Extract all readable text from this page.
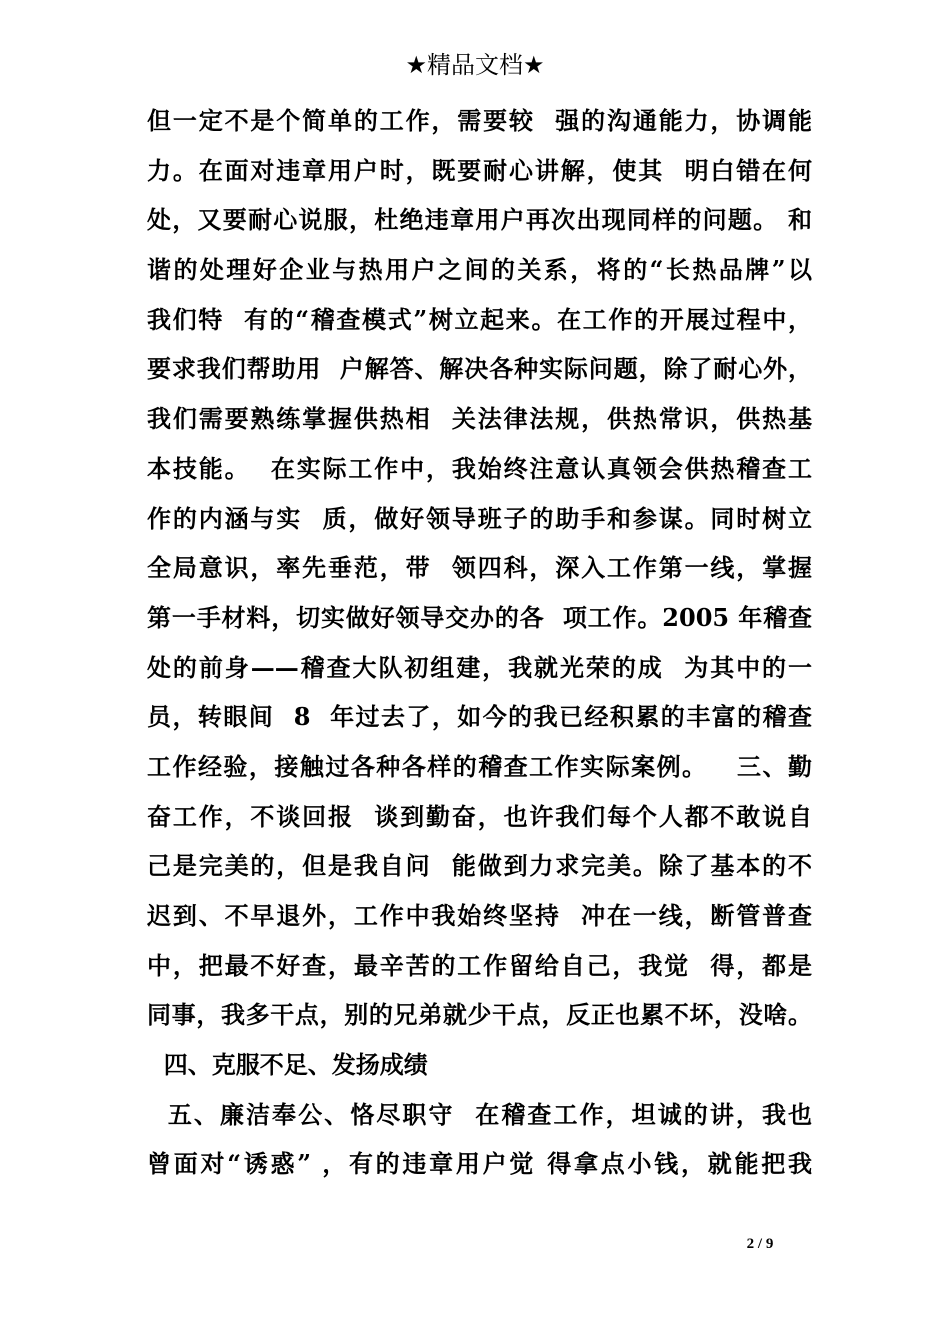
★精品文档★
但一定不是个简单的工作，需要较  强的沟通能力，协调能
力。在面对违章用户时，既要耐心讲解，使其  明白错在何
处，又要耐心说服，杜绝违章用户再次出现同样的问题。 和
谐的处理好企业与热用户之间的关系，将的“长热品牌”以
我们特  有的“稽查模式”树立起来。在工作的开展过程中，
要求我们帮助用  户解答、解决各种实际问题，除了耐心外，
我们需要熟练掌握供热相  关法律法规，供热常识，供热基
本技能。  在实际工作中，我始终注意认真领会供热稽查工
作的内涵与实  质，做好领导班子的助手和参谋。同时树立
全局意识，率先垂范，带  领四科，深入工作第一线，掌握
第一手材料，切实做好领导交办的各  项工作。2005 年稽查
处的前身——稽查大队初组建，我就光荣的成  为其中的一
员，转眼间  8  年过去了，如今的我已经积累的丰富的稽查
工作经验，接触过各种各样的稽查工作实际案例。   三、勤
奋工作，不谈回报  谈到勤奋，也许我们每个人都不敢说自
己是完美的，但是我自问  能做到力求完美。除了基本的不
迟到、不早退外，工作中我始终坚持  冲在一线，断管普查
中，把最不好查，最辛苦的工作留给自己，我觉  得，都是
同事，我多干点，别的兄弟就少干点，反正也累不坏，没啥。
四、克服不足、发扬成绩
五、廉洁奉公、恪尽职守  在稽查工作，坦诚的讲，我也
曾面对“诱惑” ，有的违章用户觉 得拿点小钱，就能把我
2 / 9
